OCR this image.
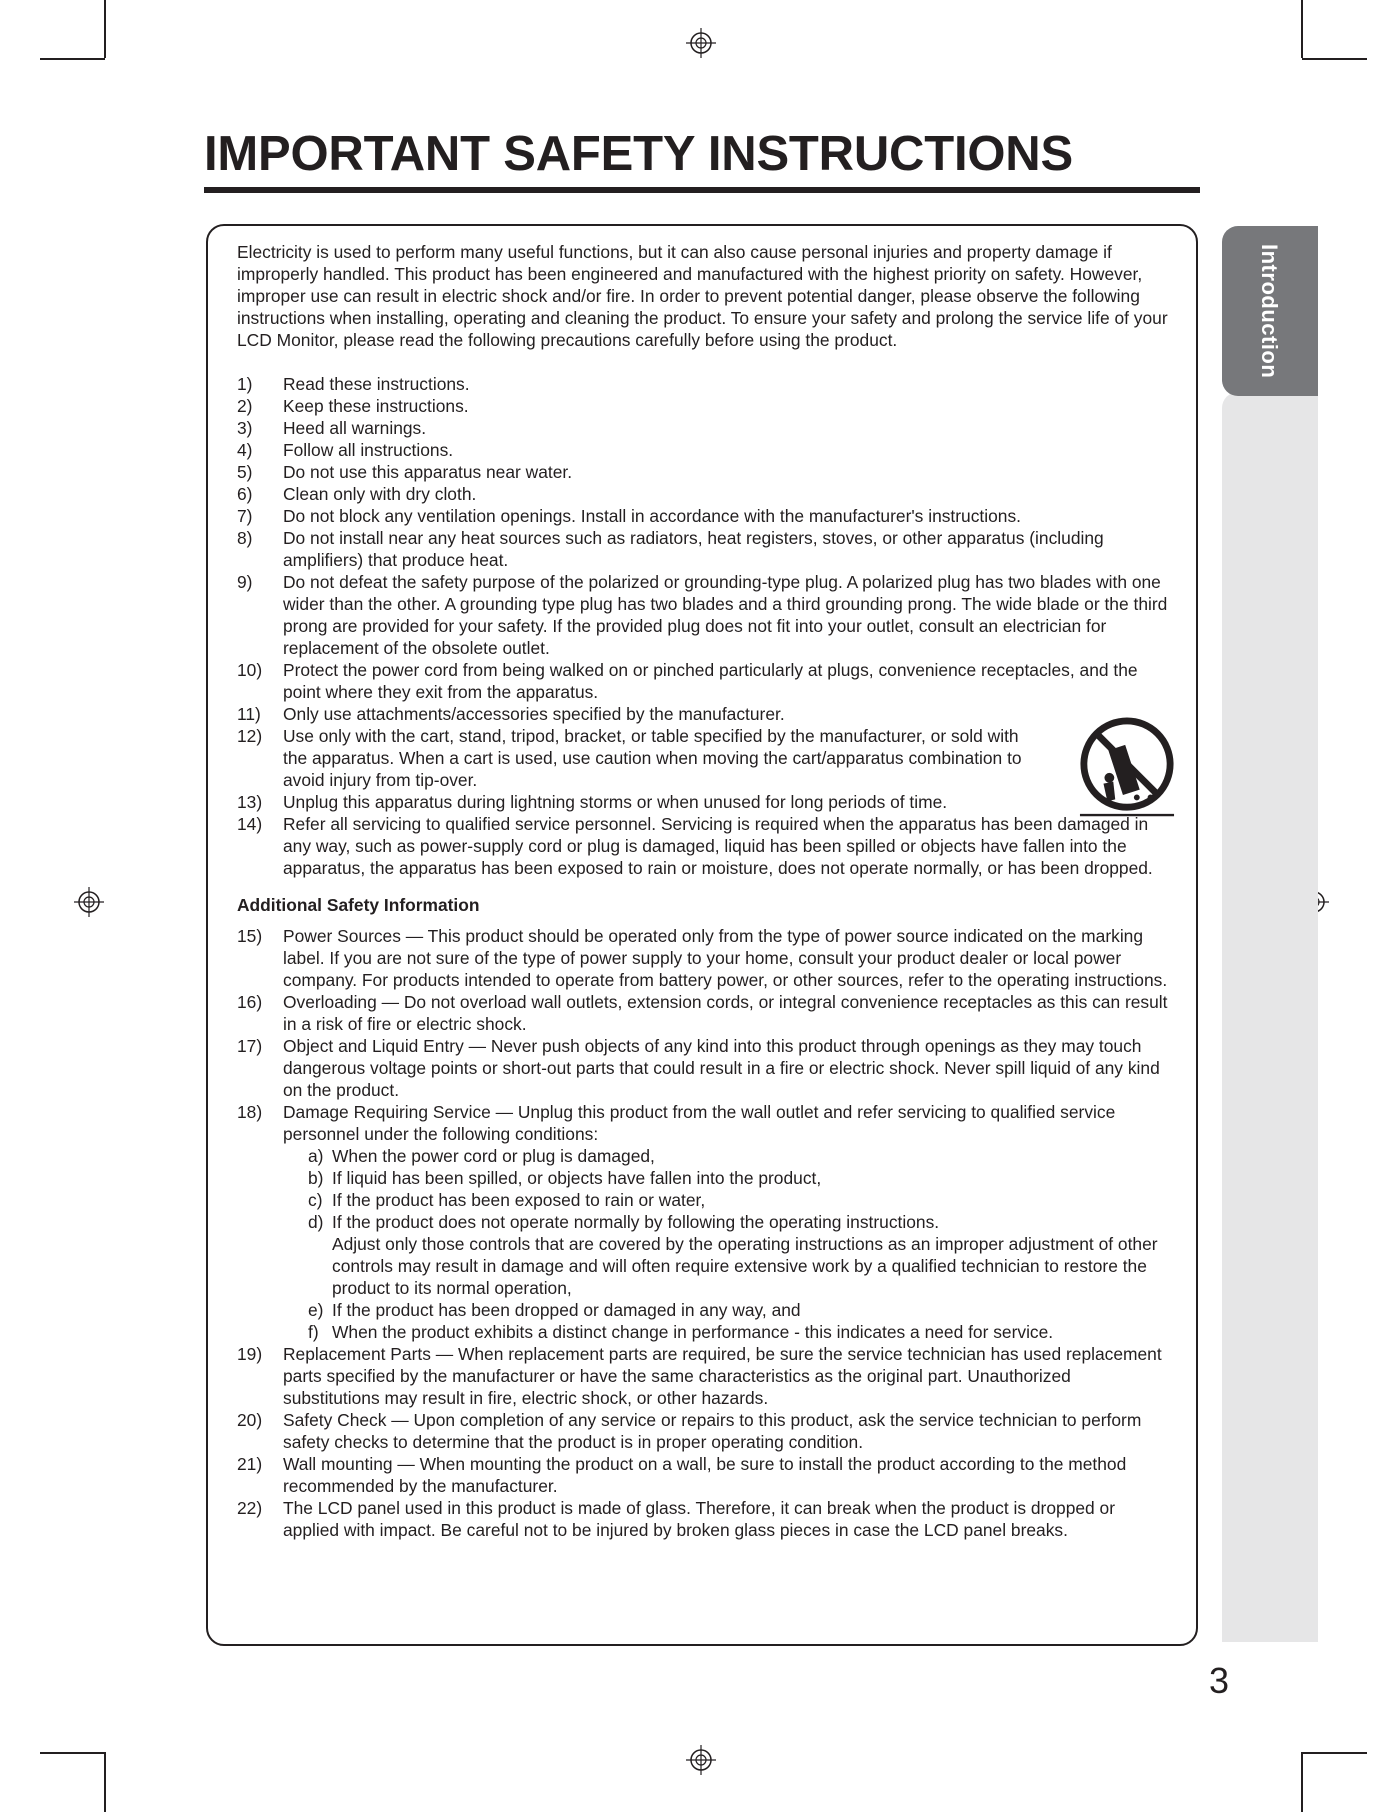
IMPORTANT SAFETY INSTRUCTIONS
Introduction

Electricity is used to perform many useful functions, but it can also cause personal injuries and property damage if improperly handled. This product has been engineered and manufactured with the highest priority on safety. However, improper use can result in electric shock and/or fire. In order to prevent potential danger, please observe the following instructions when installing, operating and cleaning the product. To ensure your safety and prolong the service life of your LCD Monitor, please read the following precautions carefully before using the product.

1) Read these instructions.
2) Keep these instructions.
3) Heed all warnings.
4) Follow all instructions.
5) Do not use this apparatus near water.
6) Clean only with dry cloth.
7) Do not block any ventilation openings. Install in accordance with the manufacturer's instructions.
8) Do not install near any heat sources such as radiators, heat registers, stoves, or other apparatus (including amplifiers) that produce heat.
9) Do not defeat the safety purpose of the polarized or grounding-type plug. A polarized plug has two blades with one wider than the other. A grounding type plug has two blades and a third grounding prong. The wide blade or the third prong are provided for your safety. If the provided plug does not fit into your outlet, consult an electrician for replacement of the obsolete outlet.
10) Protect the power cord from being walked on or pinched particularly at plugs, convenience receptacles, and the point where they exit from the apparatus.
11) Only use attachments/accessories specified by the manufacturer.
12) Use only with the cart, stand, tripod, bracket, or table specified by the manufacturer, or sold with the apparatus. When a cart is used, use caution when moving the cart/apparatus combination to avoid injury from tip-over.
13) Unplug this apparatus during lightning storms or when unused for long periods of time.
14) Refer all servicing to qualified service personnel. Servicing is required when the apparatus has been damaged in any way, such as power-supply cord or plug is damaged, liquid has been spilled or objects have fallen into the apparatus, the apparatus has been exposed to rain or moisture, does not operate normally, or has been dropped.
Additional Safety Information
15) Power Sources — This product should be operated only from the type of power source indicated on the marking label. If you are not sure of the type of power supply to your home, consult your product dealer or local power company. For products intended to operate from battery power, or other sources, refer to the operating instructions.
16) Overloading — Do not overload wall outlets, extension cords, or integral convenience receptacles as this can result in a risk of fire or electric shock.
17) Object and Liquid Entry — Never push objects of any kind into this product through openings as they may touch dangerous voltage points or short-out parts that could result in a fire or electric shock. Never spill liquid of any kind on the product.
18) Damage Requiring Service — Unplug this product from the wall outlet and refer servicing to qualified service personnel under the following conditions:
a) When the power cord or plug is damaged,
b) If liquid has been spilled, or objects have fallen into the product,
c) If the product has been exposed to rain or water,
d) If the product does not operate normally by following the operating instructions.
Adjust only those controls that are covered by the operating instructions as an improper adjustment of other controls may result in damage and will often require extensive work by a qualified technician to restore the product to its normal operation,
e) If the product has been dropped or damaged in any way, and
f) When the product exhibits a distinct change in performance - this indicates a need for service.
19) Replacement Parts — When replacement parts are required, be sure the service technician has used replacement parts specified by the manufacturer or have the same characteristics as the original part. Unauthorized substitutions may result in fire, electric shock, or other hazards.
20) Safety Check — Upon completion of any service or repairs to this product, ask the service technician to perform safety checks to determine that the product is in proper operating condition.
21) Wall mounting — When mounting the product on a wall, be sure to install the product according to the method recommended by the manufacturer.
22) The LCD panel used in this product is made of glass. Therefore, it can break when the product is dropped or applied with impact. Be careful not to be injured by broken glass pieces in case the LCD panel breaks.
3
